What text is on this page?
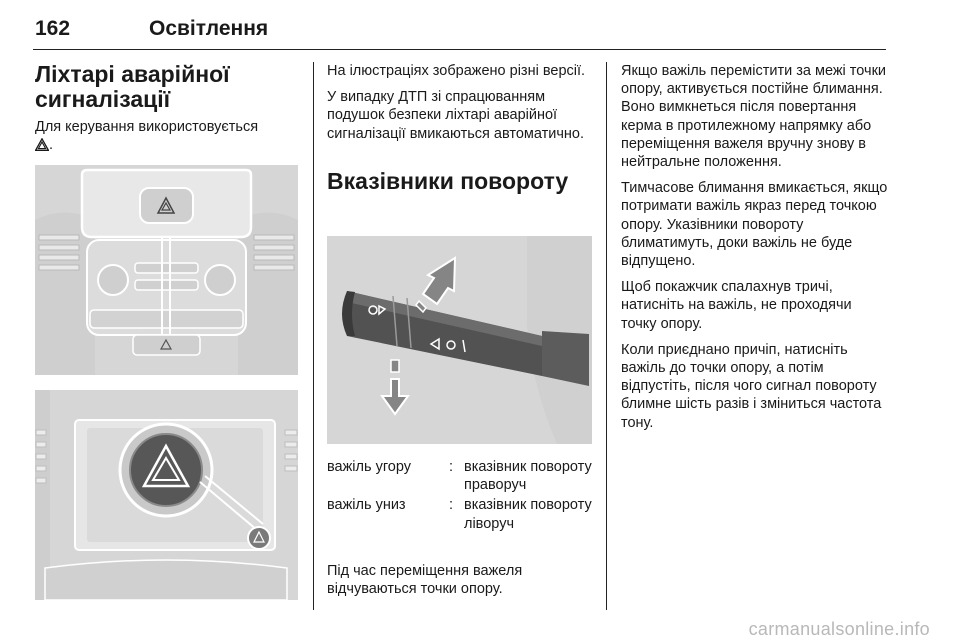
162	Освітлення
Ліхтарі аварійної
сигналізації

Для керування використовується
.

На ілюстраціях зображено різні версії.

У випадку ДТП зі спрацюванням подушок безпеки ліхтарі аварійної сигналізації вмикаються автоматично.

Вказівники повороту
важіль угору	: вказівник повороту праворуч
важіль униз	: вказівник повороту ліворуч
Під час переміщення важеля відчуваються точки опору.

Якщо важіль перемістити за межі точки опору, активується постійне блимання. Воно вимкнеться після повертання керма в протилежному напрямку або переміщення важеля вручну знову в нейтральне положення.

Тимчасове блимання вмикається, якщо потримати важіль якраз перед точкою опору. Указівники повороту блиматимуть, доки важіль не буде відпущено.

Щоб покажчик спалахнув тричі, натисніть на важіль, не проходячи точку опору.

Коли приєднано причіп, натисніть важіль до точки опору, а потім відпустіть, після чого сигнал повороту блимне шість разів і зміниться частота тону.

carmanualsonline.info
